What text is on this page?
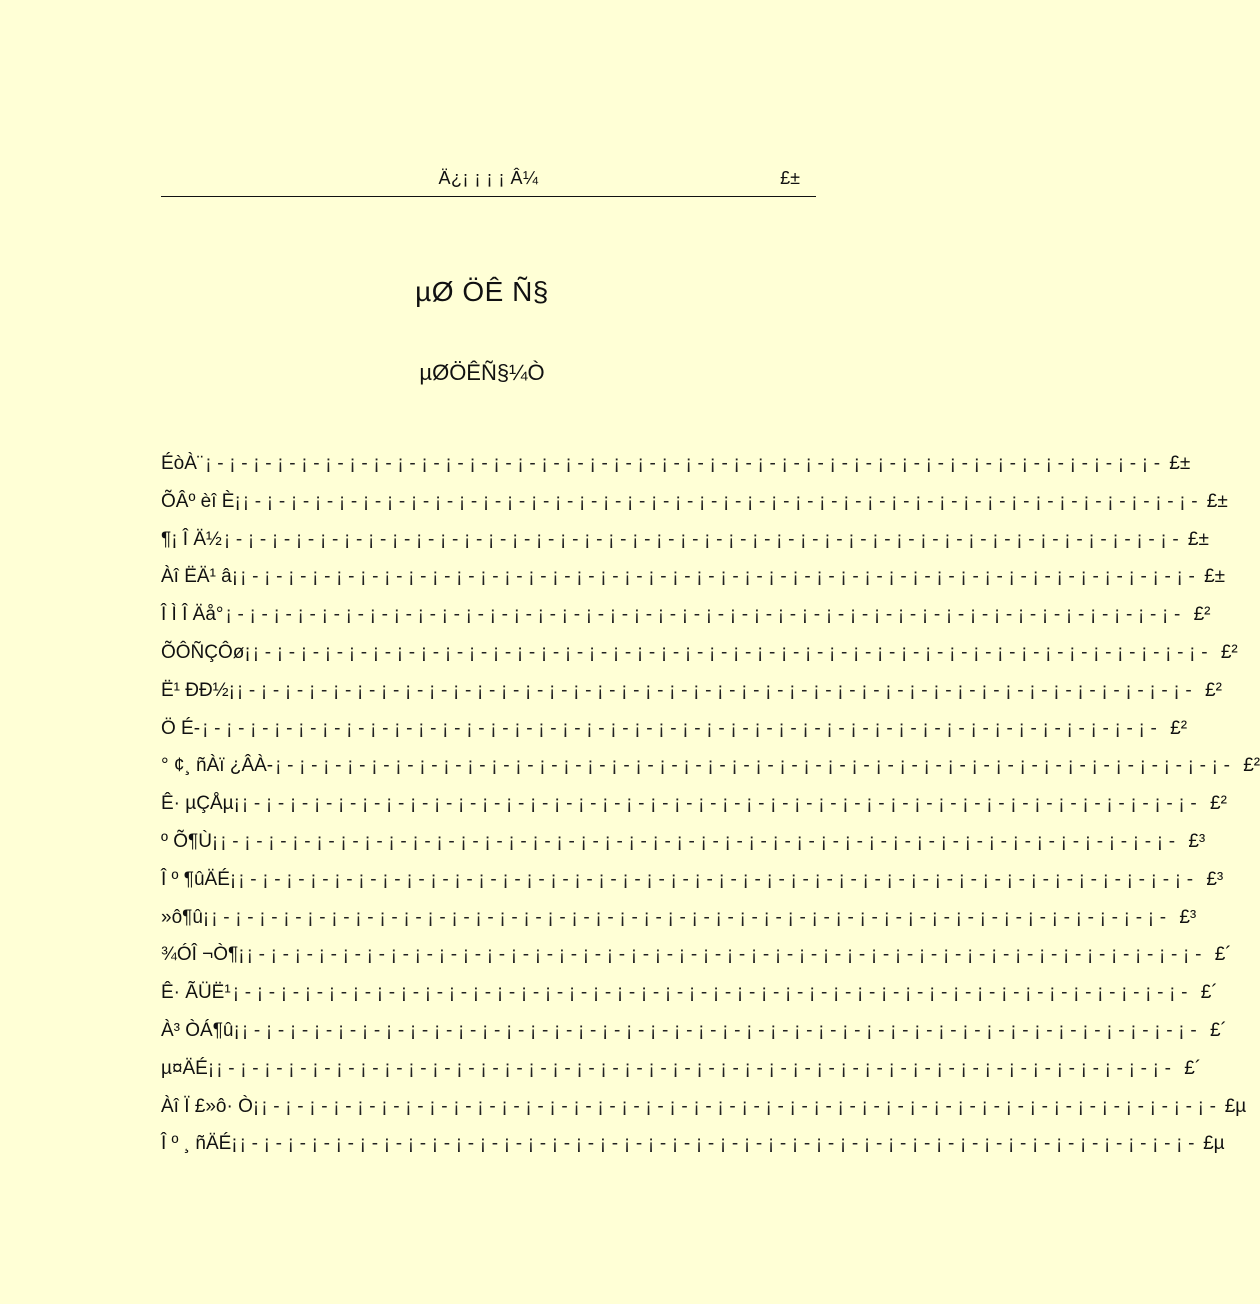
Ä¿¡ ¡ ¡ ¡ Â¼	£±
µØ ÖÊ Ñ§
µØÖÊÑ§¼Ò
ÉòÀ¨ ¡ - ¡ - ¡ - ¡ - ¡ - ¡ - ¡ - ¡ - ¡ - ¡ - ¡ - ¡ - ¡ - ¡ - ¡ - ¡ - ¡ - ¡ - ¡ - ¡ - ¡ - ¡ - ¡ - ¡ - ¡ - ¡ - ¡ - ¡ - ¡ - ¡ - ¡ - ¡ - ¡ - ¡ - ¡ - ¡ - ¡ - ¡ - ¡ - ¡ - £±
ÕÂº èî È¡ ¡ - ¡ - ¡ - ¡ - ¡ - ¡ - ¡ - ¡ - ¡ - ¡ - ¡ - ¡ - ¡ - ¡ - ¡ - ¡ - ¡ - ¡ - ¡ - ¡ - ¡ - ¡ - ¡ - ¡ - ¡ - ¡ - ¡ - ¡ - ¡ - ¡ - ¡ - ¡ - ¡ - ¡ - ¡ - ¡ - ¡ - ¡ - ¡ - ¡ - £±
¶¡ Î Ä½ ¡ - ¡ - ¡ - ¡ - ¡ - ¡ - ¡ - ¡ - ¡ - ¡ - ¡ - ¡ - ¡ - ¡ - ¡ - ¡ - ¡ - ¡ - ¡ - ¡ - ¡ - ¡ - ¡ - ¡ - ¡ - ¡ - ¡ - ¡ - ¡ - ¡ - ¡ - ¡ - ¡ - ¡ - ¡ - ¡ - ¡ - ¡ - ¡ - ¡ - £±
Àî ËÄ¹ â¡ ¡ - ¡ - ¡ - ¡ - ¡ - ¡ - ¡ - ¡ - ¡ - ¡ - ¡ - ¡ - ¡ - ¡ - ¡ - ¡ - ¡ - ¡ - ¡ - ¡ - ¡ - ¡ - ¡ - ¡ - ¡ - ¡ - ¡ - ¡ - ¡ - ¡ - ¡ - ¡ - ¡ - ¡ - ¡ - ¡ - ¡ - ¡ - ¡ - ¡ - £±
Î Ì Î Äå° ¡ - ¡ - ¡ - ¡ - ¡ - ¡ - ¡ - ¡ - ¡ - ¡ - ¡ - ¡ - ¡ - ¡ - ¡ - ¡ - ¡ - ¡ - ¡ - ¡ - ¡ - ¡ - ¡ - ¡ - ¡ - ¡ - ¡ - ¡ - ¡ - ¡ - ¡ - ¡ - ¡ - ¡ - ¡ - ¡ - ¡ - ¡ - ¡ - ¡ - £²
ÕÔÑÇÔø¡ ¡ - ¡ - ¡ - ¡ - ¡ - ¡ - ¡ - ¡ - ¡ - ¡ - ¡ - ¡ - ¡ - ¡ - ¡ - ¡ - ¡ - ¡ - ¡ - ¡ - ¡ - ¡ - ¡ - ¡ - ¡ - ¡ - ¡ - ¡ - ¡ - ¡ - ¡ - ¡ - ¡ - ¡ - ¡ - ¡ - ¡ - ¡ - ¡ - ¡ - £²
Ë¹ ÐÐ½¡ ¡ - ¡ - ¡ - ¡ - ¡ - ¡ - ¡ - ¡ - ¡ - ¡ - ¡ - ¡ - ¡ - ¡ - ¡ - ¡ - ¡ - ¡ - ¡ - ¡ - ¡ - ¡ - ¡ - ¡ - ¡ - ¡ - ¡ - ¡ - ¡ - ¡ - ¡ - ¡ - ¡ - ¡ - ¡ - ¡ - ¡ - ¡ - ¡ - ¡ - £²
Ö É- ¡ - ¡ - ¡ - ¡ - ¡ - ¡ - ¡ - ¡ - ¡ - ¡ - ¡ - ¡ - ¡ - ¡ - ¡ - ¡ - ¡ - ¡ - ¡ - ¡ - ¡ - ¡ - ¡ - ¡ - ¡ - ¡ - ¡ - ¡ - ¡ - ¡ - ¡ - ¡ - ¡ - ¡ - ¡ - ¡ - ¡ - ¡ - ¡ - ¡ - £²
° ¢¸ ñÀï ¿ÂÀ- ¡ - ¡ - ¡ - ¡ - ¡ - ¡ - ¡ - ¡ - ¡ - ¡ - ¡ - ¡ - ¡ - ¡ - ¡ - ¡ - ¡ - ¡ - ¡ - ¡ - ¡ - ¡ - ¡ - ¡ - ¡ - ¡ - ¡ - ¡ - ¡ - ¡ - ¡ - ¡ - ¡ - ¡ - ¡ - ¡ - ¡ - ¡ - ¡ - ¡ - £²
Ê· µÇÅµ¡ ¡ - ¡ - ¡ - ¡ - ¡ - ¡ - ¡ - ¡ - ¡ - ¡ - ¡ - ¡ - ¡ - ¡ - ¡ - ¡ - ¡ - ¡ - ¡ - ¡ - ¡ - ¡ - ¡ - ¡ - ¡ - ¡ - ¡ - ¡ - ¡ - ¡ - ¡ - ¡ - ¡ - ¡ - ¡ - ¡ - ¡ - ¡ - ¡ - ¡ - £²
º Õ¶Ù¡ ¡ - ¡ - ¡ - ¡ - ¡ - ¡ - ¡ - ¡ - ¡ - ¡ - ¡ - ¡ - ¡ - ¡ - ¡ - ¡ - ¡ - ¡ - ¡ - ¡ - ¡ - ¡ - ¡ - ¡ - ¡ - ¡ - ¡ - ¡ - ¡ - ¡ - ¡ - ¡ - ¡ - ¡ - ¡ - ¡ - ¡ - ¡ - ¡ - ¡ - £³
Î º ¶ûÄÉ¡ ¡ - ¡ - ¡ - ¡ - ¡ - ¡ - ¡ - ¡ - ¡ - ¡ - ¡ - ¡ - ¡ - ¡ - ¡ - ¡ - ¡ - ¡ - ¡ - ¡ - ¡ - ¡ - ¡ - ¡ - ¡ - ¡ - ¡ - ¡ - ¡ - ¡ - ¡ - ¡ - ¡ - ¡ - ¡ - ¡ - ¡ - ¡ - ¡ - ¡ - £³
»ô¶û¡ ¡ - ¡ - ¡ - ¡ - ¡ - ¡ - ¡ - ¡ - ¡ - ¡ - ¡ - ¡ - ¡ - ¡ - ¡ - ¡ - ¡ - ¡ - ¡ - ¡ - ¡ - ¡ - ¡ - ¡ - ¡ - ¡ - ¡ - ¡ - ¡ - ¡ - ¡ - ¡ - ¡ - ¡ - ¡ - ¡ - ¡ - ¡ - ¡ - ¡ - £³
¾ÓÎ ¬Ò¶¡ ¡ - ¡ - ¡ - ¡ - ¡ - ¡ - ¡ - ¡ - ¡ - ¡ - ¡ - ¡ - ¡ - ¡ - ¡ - ¡ - ¡ - ¡ - ¡ - ¡ - ¡ - ¡ - ¡ - ¡ - ¡ - ¡ - ¡ - ¡ - ¡ - ¡ - ¡ - ¡ - ¡ - ¡ - ¡ - ¡ - ¡ - ¡ - ¡ - ¡ - £´
Ê· ÃÜË¹ ¡ - ¡ - ¡ - ¡ - ¡ - ¡ - ¡ - ¡ - ¡ - ¡ - ¡ - ¡ - ¡ - ¡ - ¡ - ¡ - ¡ - ¡ - ¡ - ¡ - ¡ - ¡ - ¡ - ¡ - ¡ - ¡ - ¡ - ¡ - ¡ - ¡ - ¡ - ¡ - ¡ - ¡ - ¡ - ¡ - ¡ - ¡ - ¡ - ¡ - £´
À³ ÒÁ¶û¡ ¡ - ¡ - ¡ - ¡ - ¡ - ¡ - ¡ - ¡ - ¡ - ¡ - ¡ - ¡ - ¡ - ¡ - ¡ - ¡ - ¡ - ¡ - ¡ - ¡ - ¡ - ¡ - ¡ - ¡ - ¡ - ¡ - ¡ - ¡ - ¡ - ¡ - ¡ - ¡ - ¡ - ¡ - ¡ - ¡ - ¡ - ¡ - ¡ - ¡ - £´
µ¤ÄÉ¡ ¡ - ¡ - ¡ - ¡ - ¡ - ¡ - ¡ - ¡ - ¡ - ¡ - ¡ - ¡ - ¡ - ¡ - ¡ - ¡ - ¡ - ¡ - ¡ - ¡ - ¡ - ¡ - ¡ - ¡ - ¡ - ¡ - ¡ - ¡ - ¡ - ¡ - ¡ - ¡ - ¡ - ¡ - ¡ - ¡ - ¡ - ¡ - ¡ - ¡ - £´
Àî Ï £»ô· Ò¡ ¡ - ¡ - ¡ - ¡ - ¡ - ¡ - ¡ - ¡ - ¡ - ¡ - ¡ - ¡ - ¡ - ¡ - ¡ - ¡ - ¡ - ¡ - ¡ - ¡ - ¡ - ¡ - ¡ - ¡ - ¡ - ¡ - ¡ - ¡ - ¡ - ¡ - ¡ - ¡ - ¡ - ¡ - ¡ - ¡ - ¡ - ¡ - ¡ - ¡ - £µ
Î º ¸ ñÄÉ¡ ¡ - ¡ - ¡ - ¡ - ¡ - ¡ - ¡ - ¡ - ¡ - ¡ - ¡ - ¡ - ¡ - ¡ - ¡ - ¡ - ¡ - ¡ - ¡ - ¡ - ¡ - ¡ - ¡ - ¡ - ¡ - ¡ - ¡ - ¡ - ¡ - ¡ - ¡ - ¡ - ¡ - ¡ - ¡ - ¡ - ¡ - ¡ - ¡ - ¡ - £µ
